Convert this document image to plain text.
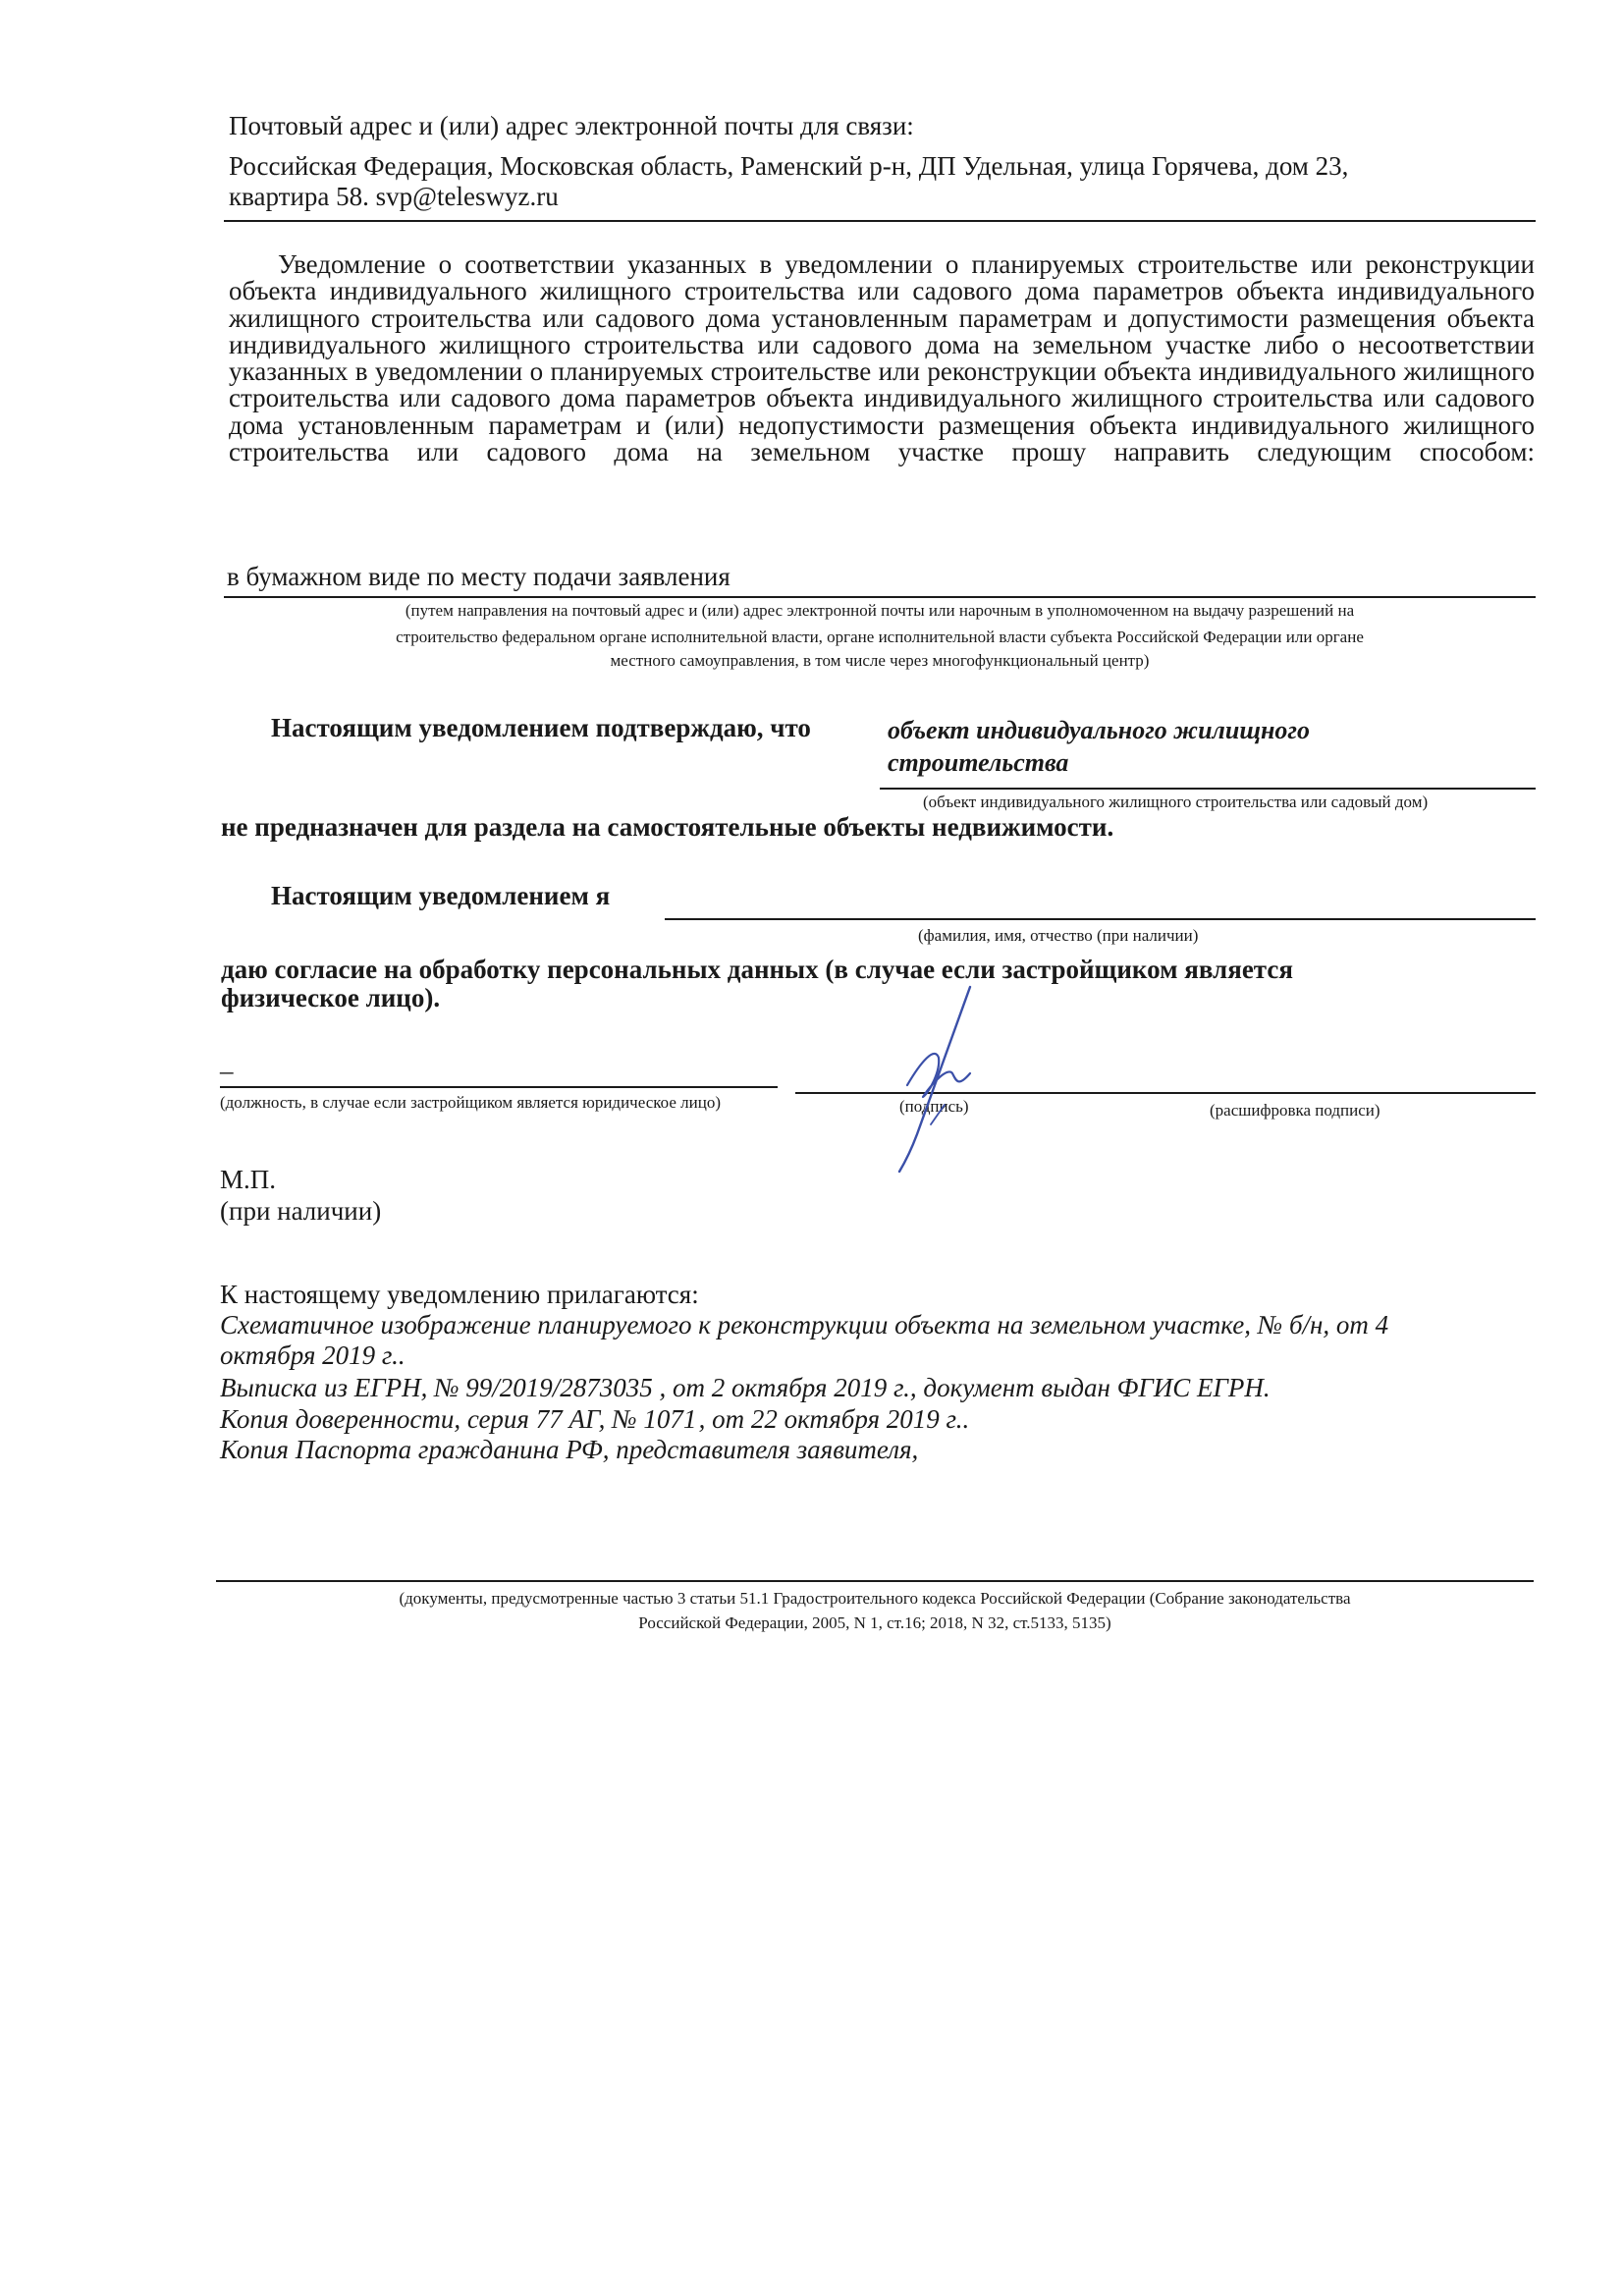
Почтовый адрес и (или) адрес электронной почты для связи:
Российская Федерация, Московская область, Раменский р-н, ДП Удельная, улица Горячева, дом 23,
квартира 58. svp@teleswyz.ru
Уведомление о соответствии указанных в уведомлении о планируемых строительстве или реконструкции объекта индивидуального жилищного строительства или садового дома параметров объекта индивидуального жилищного строительства или садового дома установленным параметрам и допустимости размещения объекта индивидуального жилищного строительства или садового дома на земельном участке либо о несоответствии указанных в уведомлении о планируемых строительстве или реконструкции объекта индивидуального жилищного строительства или садового дома параметров объекта индивидуального жилищного строительства или садового дома установленным параметрам и (или) недопустимости размещения объекта индивидуального жилищного строительства или садового дома на земельном участке прошу направить следующим способом:
в бумажном виде по месту подачи заявления
(путем направления на почтовый адрес и (или) адрес электронной почты или нарочным в уполномоченном на выдачу разрешений на
строительство федеральном органе исполнительной власти, органе исполнительной власти субъекта Российской Федерации или органе
местного самоуправления, в том числе через многофункциональный центр)
Настоящим уведомлением подтверждаю, что	объект индивидуального жилищного
строительства
(объект индивидуального жилищного строительства или садовый дом)
не предназначен для раздела на самостоятельные объекты недвижимости.
Настоящим уведомлением я
(фамилия, имя, отчество (при наличии)
даю согласие на обработку персональных данных (в случае если застройщиком является
физическое лицо).
_
(должность, в случае если застройщиком является юридическое лицо)	(подпись)	(расшифровка подписи)
М.П.
(при наличии)
К настоящему уведомлению прилагаются:
Схематичное изображение планируемого к реконструкции объекта на земельном участке, № б/н, от 4
октября 2019 г..
Выписка из ЕГРН, № 99/2019/2873035 , от 2 октября 2019 г., документ выдан ФГИС ЕГРН.
Копия доверенности, серия 77 АГ, № 1071 , от 22 октября 2019 г..
Копия Паспорта гражданина РФ, представителя заявителя,
(документы, предусмотренные частью 3 статьи 51.1 Градостроительного кодекса Российской Федерации (Собрание законодательства
Российской Федерации, 2005, N 1, ст.16; 2018, N 32, ст.5133, 5135)
